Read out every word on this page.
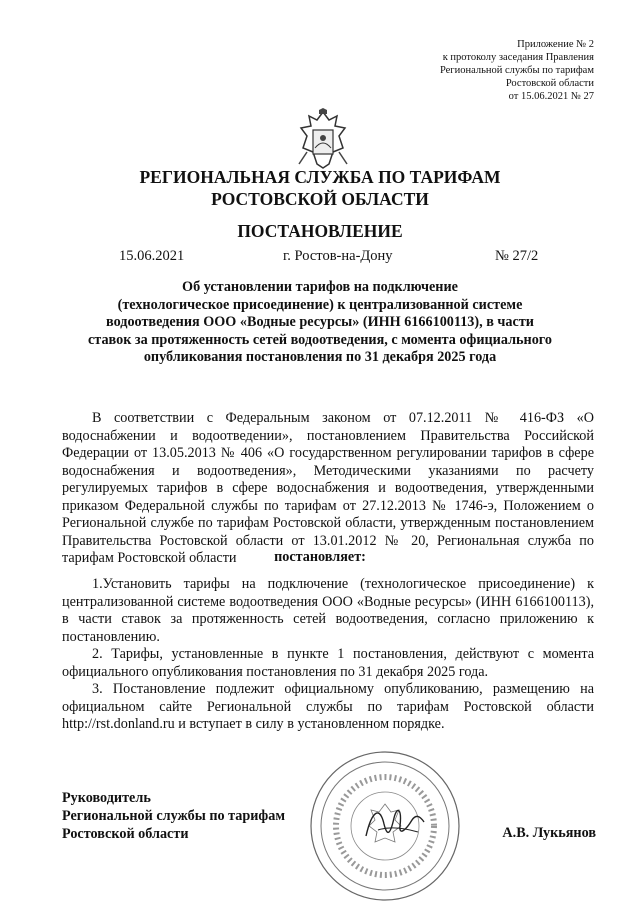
Приложение № 2
к протоколу заседания Правления
Региональной службы по тарифам
Ростовской области
от 15.06.2021 № 27
РЕГИОНАЛЬНАЯ СЛУЖБА ПО ТАРИФАМ
РОСТОВСКОЙ ОБЛАСТИ
ПОСТАНОВЛЕНИЕ
15.06.2021	г. Ростов-на-Дону	№ 27/2
Об установлении тарифов на подключение
(технологическое присоединение) к централизованной системе
водоотведения ООО «Водные ресурсы» (ИНН 6166100113), в части
ставок за протяженность сетей водоотведения, с момента официального
опубликования постановления по 31 декабря 2025 года
В соответствии с Федеральным законом от 07.12.2011 № 416-ФЗ «О водоснабжении и водоотведении», постановлением Правительства Российской Федерации от 13.05.2013 № 406 «О государственном регулировании тарифов в сфере водоснабжения и водоотведения», Методическими указаниями по расчету регулируемых тарифов в сфере водоснабжения и водоотведения, утвержденными приказом Федеральной службы по тарифам от 27.12.2013 № 1746-э, Положением о Региональной службе по тарифам Ростовской области, утвержденным постановлением Правительства Ростовской области от 13.01.2012 № 20, Региональная служба по тарифам Ростовской области	постановляет:

1.Установить тарифы на подключение (технологическое присоединение) к централизованной системе водоотведения ООО «Водные ресурсы» (ИНН 6166100113), в части ставок за протяженность сетей водоотведения, согласно приложению к постановлению.

2. Тарифы, установленные в пункте 1 постановления, действуют с момента официального опубликования постановления по 31 декабря 2025 года.

3. Постановление подлежит официальному опубликованию, размещению на официальном сайте Региональной службы по тарифам Ростовской области http://rst.donland.ru и вступает в силу в установленном порядке.

Руководитель
Региональной службы по тарифам
Ростовской области	А.В. Лукьянов
